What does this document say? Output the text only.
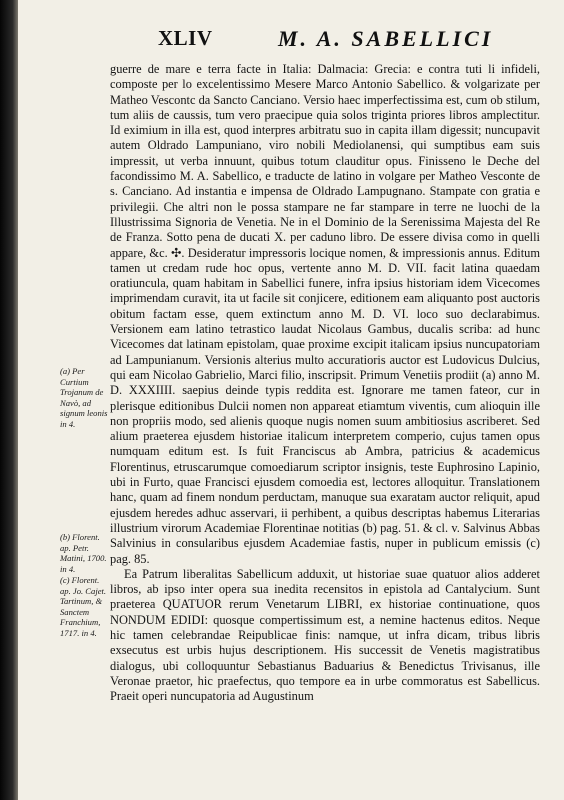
XLIV	M. A. SABELLICI

guerre de mare e terra facte in Italia: Dalmacia: Grecia: e contra tuti li infideli, composte per lo excelentissimo Mesere Marco Antonio Sabellico. & volgarizate per Matheo Vescontc da Sancto Canciano. Versio haec imperfectissima est, cum ob stilum, tum aliis de caussis, tum vero praecipue quia solos triginta priores libros amplectitur. Id eximium in illa est, quod interpres arbitratu suo in capita illam digessit; nuncupavit autem Oldrado Lampuniano, viro nobili Mediolanensi, qui sumptibus eam suis impressit, ut verba innuunt, quibus totum clauditur opus. Finisseno le Deche del facondissimo M. A. Sabellico, e traducte de latino in volgare per Matheo Vesconte de s. Canciano. Ad instantia e impensa de Oldrado Lampugnano. Stampate con gratia e privilegii. Che altri non le possa stampare ne far stampare in terre ne luochi de la Illustrissima Signoria de Venetia. Ne in el Dominio de la Serenissima Majesta del Re de Franza. Sotto pena de ducati X. per caduno libro. De essere divisa como in quelli appare, &c. ✣. Desideratur impressoris locique nomen, & impressionis annus. Editum tamen ut credam rude hoc opus, vertente anno M. D. VII. facit latina quaedam oratiuncula, quam habitam in Sabellici funere, infra ipsius historiam idem Vicecomes imprimendam curavit, ita ut facile sit conjicere, editionem eam aliquanto post auctoris obitum factam esse, quem extinctum anno M. D. VI. loco suo declarabimus. Versionem eam latino tetrastico laudat Nicolaus Gambus, ducalis scriba: ad hunc Vicecomes dat latinam epistolam, quae proxime excipit italicam ipsius nuncupatoriam ad Lampunianum. Versionis alterius multo accuratioris auctor est Ludovicus Dulcius, qui eam Nicolao Gabrielio, Marci filio, inscripsit. Primum Venetiis prodiit (a) anno M. D. XXXIIII. saepius deinde typis reddita est. Ignorare me tamen fateor, cur in plerisque editionibus Dulcii nomen non appareat etiamtum viventis, cum alioquin ille non propriis modo, sed alienis quoque nugis nomen suum ambitiosius ascriberet. Sed alium praeterea ejusdem historiae italicum interpretem comperio, cujus tamen opus numquam editum est. Is fuit Franciscus ab Ambra, patricius & academicus Florentinus, etruscarumque comoediarum scriptor insignis, teste Euphrosino Lapinio, ubi in Furto, quae Francisci ejusdem comoedia est, lectores alloquitur. Translationem hanc, quam ad finem nondum perductam, manuque sua exaratam auctor reliquit, apud ejusdem heredes adhuc asservari, ii perhibent, a quibus descriptas habemus Literarias illustrium virorum Academiae Florentinae notitias (b) pag. 51. & cl. v. Salvinus Abbas Salvinius in consularibus ejusdem Academiae fastis, nuper in publicum emissis (c) pag. 85.

Ea Patrum liberalitas Sabellicum adduxit, ut historiae suae quatuor alios adderet libros, ab ipso inter opera sua inedita recensitos in epistola ad Cantalycium. Sunt praeterea QUATUOR rerum Venetarum LIBRI, ex historiae continuatione, quos NONDUM EDIDI: quosque compertissimum est, a nemine hactenus editos. Neque hic tamen celebrandae Reipublicae finis: namque, ut infra dicam, tribus libris exsecutus est urbis hujus descriptionem. His successit de Venetis magistratibus dialogus, ubi colloquuntur Sebastianus Baduarius & Benedictus Trivisanus, ille Veronae praetor, hic praefectus, quo tempore ea in urbe commoratus est Sabellicus. Praeit operi nuncupatoria ad Augustinum

(a) Per Curtium Trojanum de Navò, ad signum leonis in 4.
(b) Florent. ap. Petr. Matini, 1700. in 4.
(c) Florent. ap. Jo. Cajet. Tartinum, & Sanctem Franchium, 1717. in 4.
